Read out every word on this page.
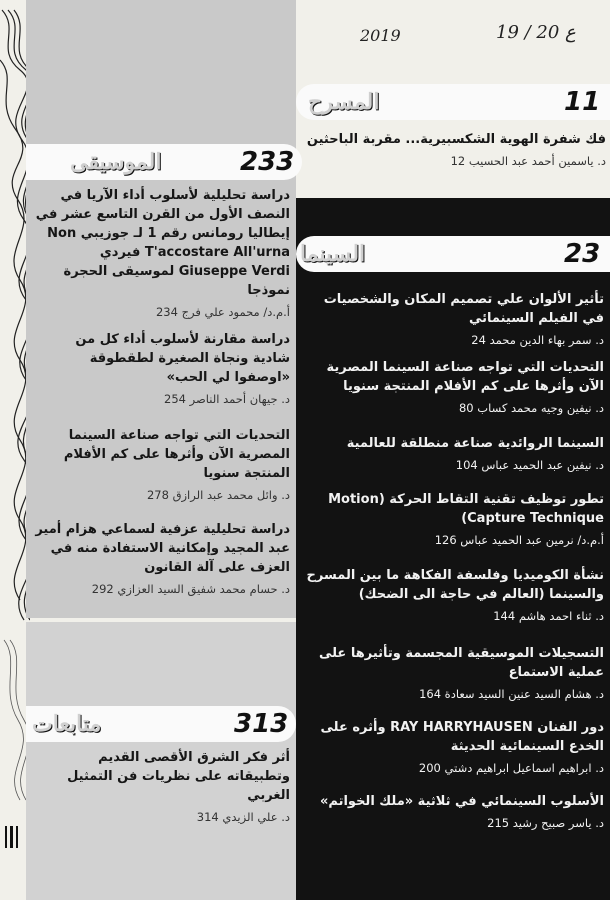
2019	ع 20 / 19
الموسيقى	233
دراسة تحليلية لأسلوب أداء الآريا في النصف الأول من القرن التاسع عشر في إيطاليا رومانس رقم 1 لـ جوزيبي Non T'accostare All'urna فيردي Giuseppe Verdi لموسيقى الحجرة نموذجا
أ.م.د/ محمود علي فرج 234
دراسة مقارنة لأسلوب أداء كل من شادية ونجاة الصغيرة لطقطوقة «اوصفوا لي الحب»
د. جيهان أحمد الناصر 254
التحديات التي تواجه صناعة السينما المصرية الآن وأثرها على كم الأفلام المنتجة سنويا
د. وائل محمد عبد الرازق 278
دراسة تحليلية عزفية لسماعي هزام أمير عبد المجيد وإمكانية الاستفادة منه في العزف على آلة القانون
د. حسام محمد شفيق السيد العزازي 292
متابعات	313
أثر فكر الشرق الأقصى القديم وتطبيقاته على نظريات فن التمثيل الغربي
د. علي الزيدي 314
المسرح	11
فك شفرة الهوية الشكسبيرية... مقربة الباحثين
د. ياسمين أحمد عبد الحسيب 12
السينما	23
تأثير الألوان علي تصميم المكان والشخصيات في الفيلم السينمائي
د. سمر بهاء الدين محمد 24
التحديات التي تواجه صناعة السينما المصرية الآن وأثرها على كم الأفلام المنتجة سنويا
د. نيفين وجيه محمد كساب 80
السينما الروائدية صناعة منطلقة للعالمية
د. نيفين عبد الحميد عباس 104
تطور توظيف تقنية التقاط الحركة (Motion Capture Technique)
أ.م.د/ نرمين عبد الحميد عباس 126
نشأة الكوميديا وفلسفة الفكاهة ما بين المسرح والسينما (العالم في حاجة الى الضحك)
د. ثناء احمد هاشم 144
التسجيلات الموسيقية المجسمة وتأثيرها على عملية الاستماع
د. هشام السيد عنين السيد سعادة 164
دور الفنان RAY HARRYHAUSEN وأثره على الخدع السينمائية الحديثة
د. ابراهيم اسماعيل ابراهيم دشتي 200
الأسلوب السينمائي في ثلاثية «ملك الخواتم»
د. ياسر صبيح رشيد 215
